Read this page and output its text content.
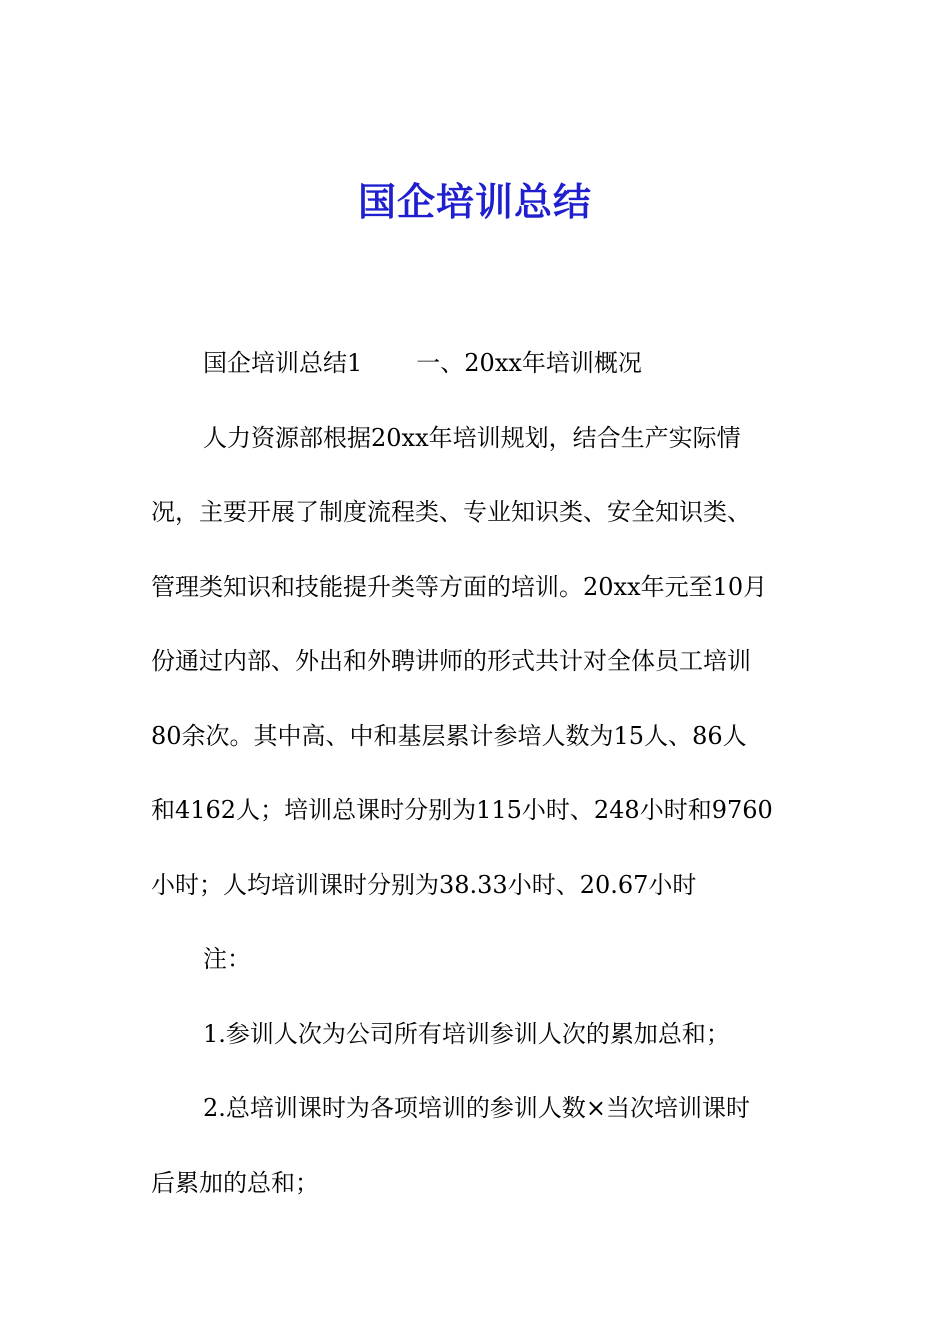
国企培训总结
国企培训总结1 一、20xx年培训概况
人力资源部根据20xx年培训规划，结合生产实际情
况，主要开展了制度流程类、专业知识类、安全知识类、
管理类知识和技能提升类等方面的培训。20xx年元至10月
份通过内部、外出和外聘讲师的形式共计对全体员工培训
80余次。其中高、中和基层累计参培人数为15人、86人
和4162人；培训总课时分别为115小时、248小时和9760
小时；人均培训课时分别为38.33小时、20.67小时
注：
1.参训人次为公司所有培训参训人次的累加总和；
2.总培训课时为各项培训的参训人数×当次培训课时
后累加的总和；
